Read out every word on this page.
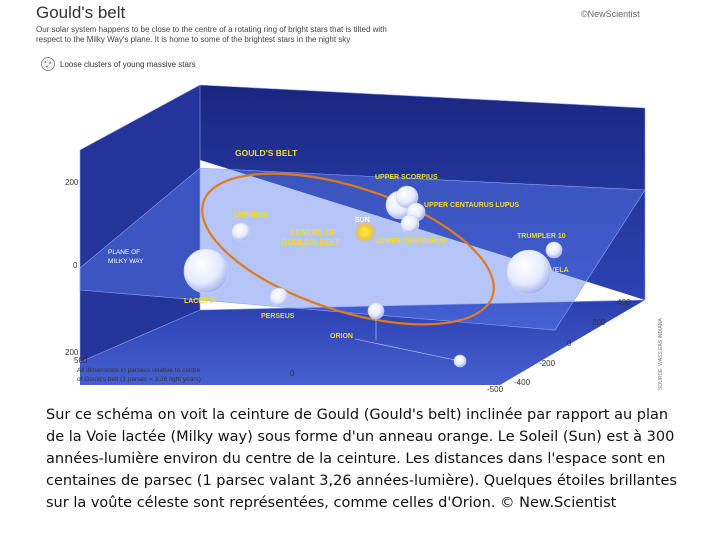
Gould's belt	©NewScientist
Our solar system happens to be close to the centre of a rotating ring of bright stars that is tilted with
respect to the Milky Way's plane. It is home to some of the brightest stars in the night sky
Loose clusters of young massive stars
GOULD'S BELT
PLANE OF
MILKY WAY
CENTRE OF
GOULD'S BELT
SUN
UPPER SCORPIUS
UPPER CENTAURUS LUPUS
LOWER CENTAURUS
CEPHEUS
TRUMPLER 10
VELA
LACERTA
PERSEUS
ORION
200
0
200
500
0
400
200
0
-200
-400
-500
All dimensions in parsecs relative to centre
of Gould's belt (1 parsec = 3.26 light years)	SOURCE: WASS.EAS.INDIANA
Sur ce schéma on voit la ceinture de Gould (Gould's belt) inclinée par rapport au plan de la Voie lactée (Milky way) sous forme d'un anneau orange. Le Soleil (Sun) est à 300 années-lumière environ du centre de la ceinture. Les distances dans l'espace sont en centaines de parsec (1 parsec valant 3,26 années-lumière). Quelques étoiles brillantes sur la voûte céleste sont représentées, comme celles d'Orion. © New.Scientist
